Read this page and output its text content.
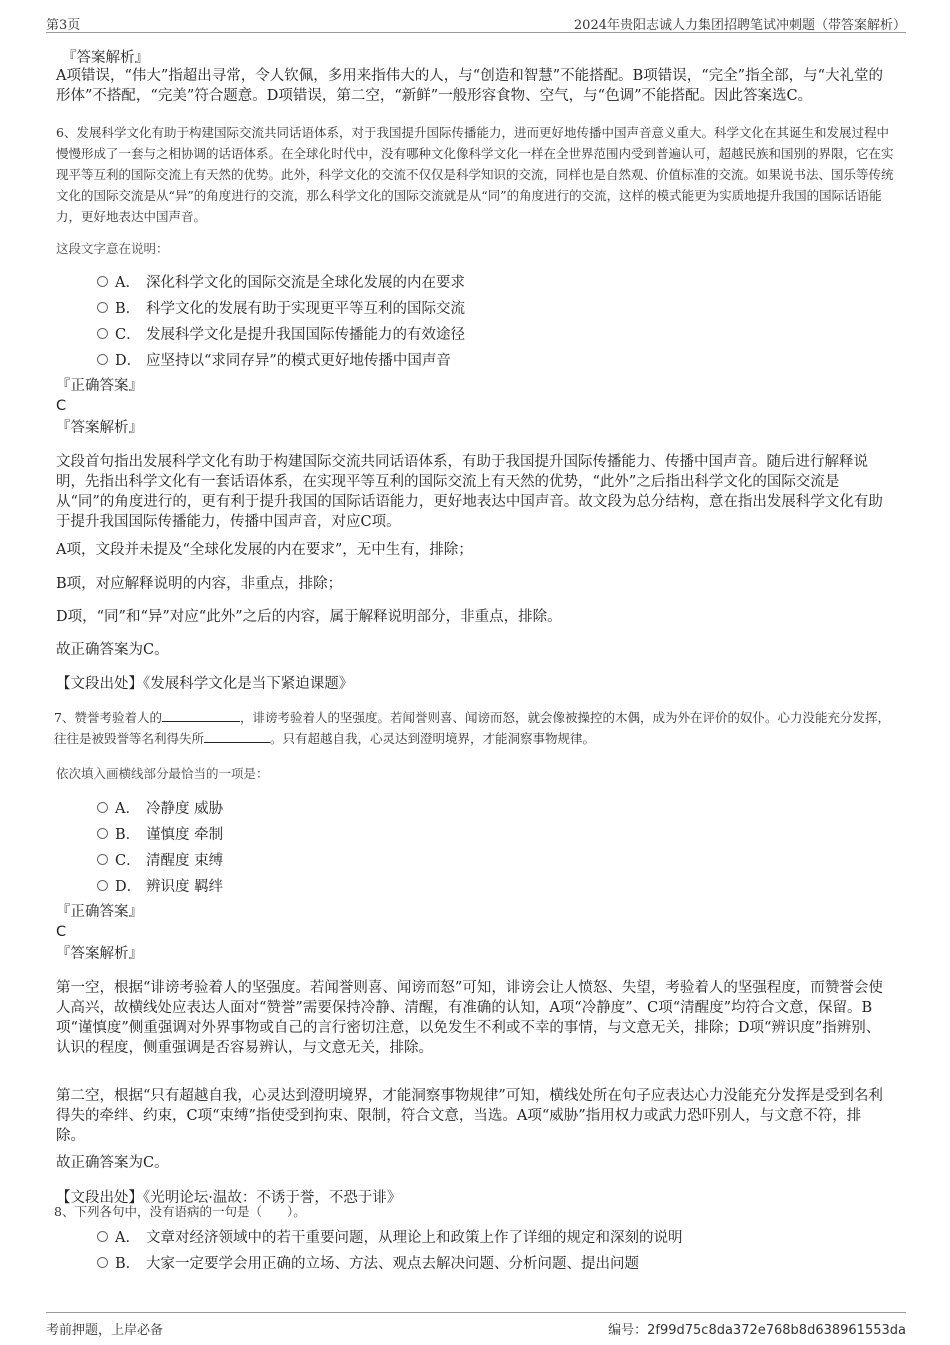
第3页	2024年贵阳志诚人力集团招聘笔试冲刺题（带答案解析）
『答案解析』

A项错误，“伟大”指超出寻常，令人钦佩，多用来指伟大的人，与“创造和智慧”不能搭配。B项错误，“完全”指全部，与“大礼堂的形体”不搭配，“完美”符合题意。D项错误，第二空，“新鲜”一般形容食物、空气，与“色调”不能搭配。因此答案选C。

6、发展科学文化有助于构建国际交流共同话语体系，对于我国提升国际传播能力，进而更好地传播中国声音意义重大。科学文化在其诞生和发展过程中慢慢形成了一套与之相协调的话语体系。在全球化时代中，没有哪种文化像科学文化一样在全世界范围内受到普遍认可，超越民族和国别的界限，它在实现平等互利的国际交流上有天然的优势。此外，科学文化的交流不仅仅是科学知识的交流，同样也是自然观、价值标准的交流。如果说书法、国乐等传统文化的国际交流是从“异”的角度进行的交流，那么科学文化的国际交流就是从“同”的角度进行的交流，这样的模式能更为实质地提升我国的国际话语能力，更好地表达中国声音。

这段文字意在说明：

A． 深化科学文化的国际交流是全球化发展的内在要求
B． 科学文化的发展有助于实现更平等互利的国际交流
C． 发展科学文化是提升我国国际传播能力的有效途径
D． 应坚持以“求同存异”的模式更好地传播中国声音
『正确答案』
C
『答案解析』

文段首句指出发展科学文化有助于构建国际交流共同话语体系，有助于我国提升国际传播能力、传播中国声音。随后进行解释说明，先指出科学文化有一套话语体系，在实现平等互利的国际交流上有天然的优势，“此外”之后指出科学文化的国际交流是从“同”的角度进行的，更有利于提升我国的国际话语能力，更好地表达中国声音。故文段为总分结构，意在指出发展科学文化有助于提升我国国际传播能力，传播中国声音，对应C项。

A项，文段并未提及“全球化发展的内在要求”，无中生有，排除；

B项，对应解释说明的内容，非重点，排除；

D项，“同”和“异”对应“此外”之后的内容，属于解释说明部分，非重点，排除。

故正确答案为C。

【文段出处】《发展科学文化是当下紧迫课题》

7、赞誉考验着人的	，诽谤考验着人的坚强度。若闻誉则喜、闻谤而怒，就会像被操控的木偶，成为外在评价的奴仆。心力没能充分发挥，往往是被毁誉等名利得失所	。只有超越自我，心灵达到澄明境界，才能洞察事物规律。

依次填入画横线部分最恰当的一项是：

A． 冷静度 威胁
B． 谨慎度 牵制
C． 清醒度 束缚
D． 辨识度 羁绊
『正确答案』
C
『答案解析』

第一空，根据“诽谤考验着人的坚强度。若闻誉则喜、闻谤而怒”可知，诽谤会让人愤怒、失望，考验着人的坚强程度，而赞誉会使人高兴，故横线处应表达人面对“赞誉”需要保持冷静、清醒，有准确的认知，A项“冷静度”、C项“清醒度”均符合文意，保留。B项“谨慎度”侧重强调对外界事物或自己的言行密切注意，以免发生不利或不幸的事情，与文意无关，排除；D项“辨识度”指辨别、认识的程度，侧重强调是否容易辨认，与文意无关，排除。

第二空，根据“只有超越自我，心灵达到澄明境界，才能洞察事物规律”可知，横线处所在句子应表达心力没能充分发挥是受到名利得失的牵绊、约束，C项“束缚”指使受到拘束、限制，符合文意，当选。A项“威胁”指用权力或武力恐吓别人，与文意不符，排除。

故正确答案为C。

【文段出处】《光明论坛·温故：不诱于誉，不恐于诽》

8、下列各句中，没有语病的一句是（　　）。

A． 文章对经济领域中的若干重要问题，从理论上和政策上作了详细的规定和深刻的说明
B． 大家一定要学会用正确的立场、方法、观点去解决问题、分析问题、提出问题
考前押题，上岸必备	编号：2f99d75c8da372e768b8d638961553da
